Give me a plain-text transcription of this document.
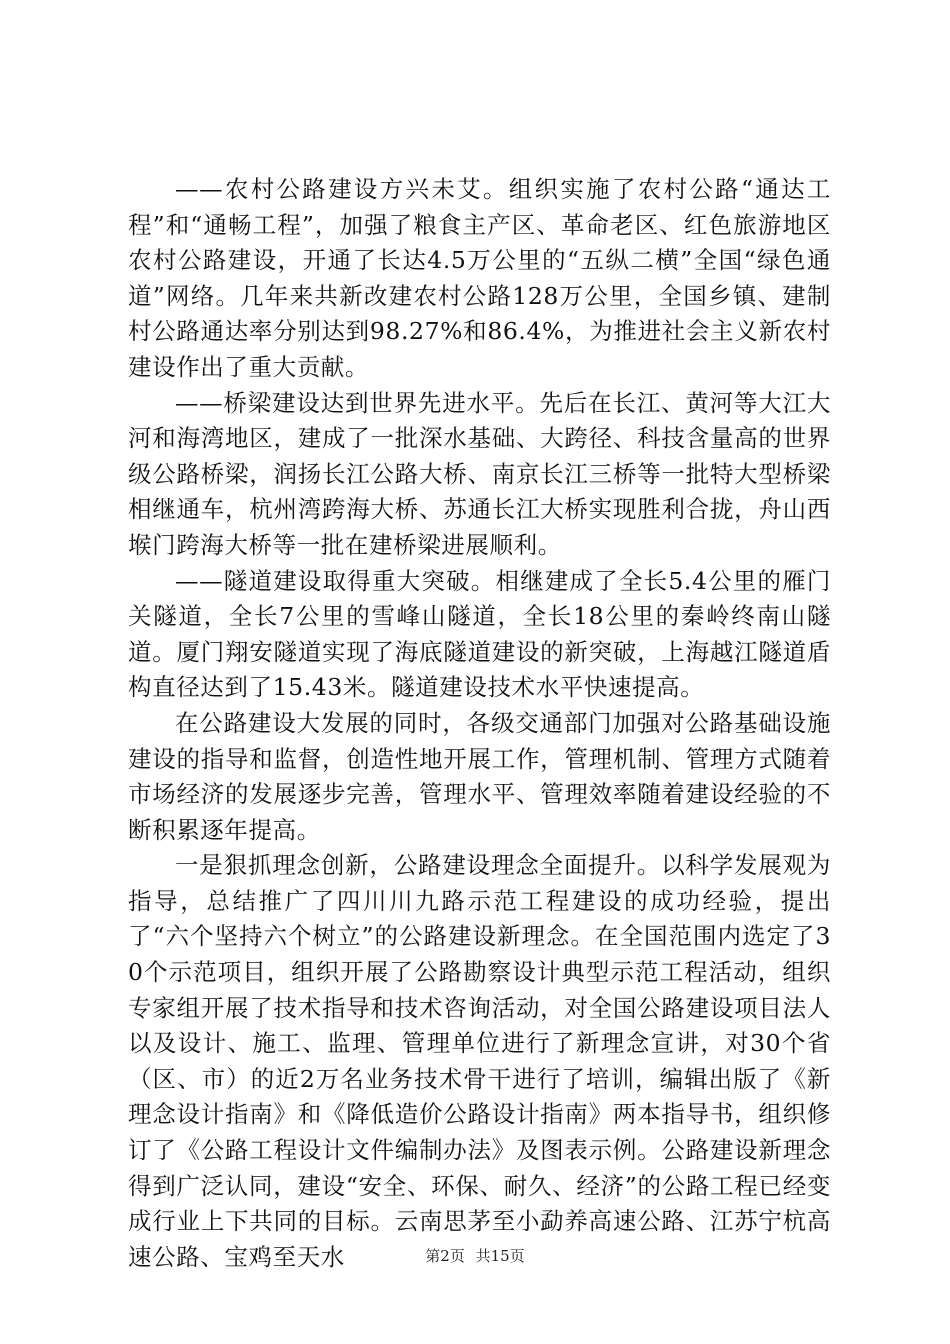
——农村公路建设方兴未艾。组织实施了农村公路“通达工程”和“通畅工程”，加强了粮食主产区、革命老区、红色旅游地区农村公路建设，开通了长达4.5万公里的“五纵二横”全国“绿色通道”网络。几年来共新改建农村公路128万公里，全国乡镇、建制村公路通达率分别达到98.27%和86.4%，为推进社会主义新农村建设作出了重大贡献。

——桥梁建设达到世界先进水平。先后在长江、黄河等大江大河和海湾地区，建成了一批深水基础、大跨径、科技含量高的世界级公路桥梁，润扬长江公路大桥、南京长江三桥等一批特大型桥梁相继通车，杭州湾跨海大桥、苏通长江大桥实现胜利合拢，舟山西堠门跨海大桥等一批在建桥梁进展顺利。

——隧道建设取得重大突破。相继建成了全长5.4公里的雁门关隧道，全长7公里的雪峰山隧道，全长18公里的秦岭终南山隧道。厦门翔安隧道实现了海底隧道建设的新突破，上海越江隧道盾构直径达到了15.43米。隧道建设技术水平快速提高。

在公路建设大发展的同时，各级交通部门加强对公路基础设施建设的指导和监督，创造性地开展工作，管理机制、管理方式随着市场经济的发展逐步完善，管理水平、管理效率随着建设经验的不断积累逐年提高。

一是狠抓理念创新，公路建设理念全面提升。以科学发展观为指导，总结推广了四川川九路示范工程建设的成功经验，提出了“六个坚持六个树立”的公路建设新理念。在全国范围内选定了30个示范项目，组织开展了公路勘察设计典型示范工程活动，组织专家组开展了技术指导和技术咨询活动，对全国公路建设项目法人以及设计、施工、监理、管理单位进行了新理念宣讲，对30个省（区、市）的近2万名业务技术骨干进行了培训，编辑出版了《新理念设计指南》和《降低造价公路设计指南》两本指导书，组织修订了《公路工程设计文件编制办法》及图表示例。公路建设新理念得到广泛认同，建设“安全、环保、耐久、经济”的公路工程已经变成行业上下共同的目标。云南思茅至小勐养高速公路、江苏宁杭高速公路、宝鸡至天水	第2页 共15页
